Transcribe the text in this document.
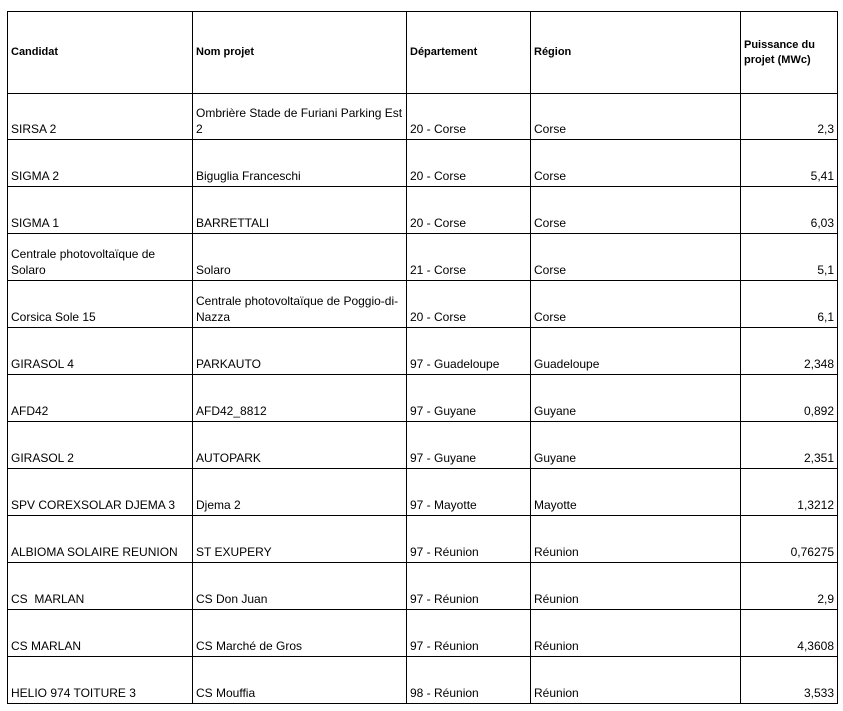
Candidat	Nom projet	Département	Région	Puissance du projet (MWc)
SIRSA 2	Ombrière Stade de Furiani Parking Est 2	20 - Corse	Corse	2,3
SIGMA 2	Biguglia Franceschi	20 - Corse	Corse	5,41
SIGMA 1	BARRETTALI	20 - Corse	Corse	6,03
Centrale photovoltaïque de Solaro	Solaro	21 - Corse	Corse	5,1
Corsica Sole 15	Centrale photovoltaïque de Poggio-di-Nazza	20 - Corse	Corse	6,1
GIRASOL 4	PARKAUTO	97 - Guadeloupe	Guadeloupe	2,348
AFD42	AFD42_8812	97 - Guyane	Guyane	0,892
GIRASOL 2	AUTOPARK	97 - Guyane	Guyane	2,351
SPV COREXSOLAR DJEMA 3	Djema 2	97 - Mayotte	Mayotte	1,3212
ALBIOMA SOLAIRE REUNION	ST EXUPERY	97 - Réunion	Réunion	0,76275
CS  MARLAN	CS Don Juan	97 - Réunion	Réunion	2,9
CS MARLAN	CS Marché de Gros	97 - Réunion	Réunion	4,3608
HELIO 974 TOITURE 3	CS Mouffia	98 - Réunion	Réunion	3,533
